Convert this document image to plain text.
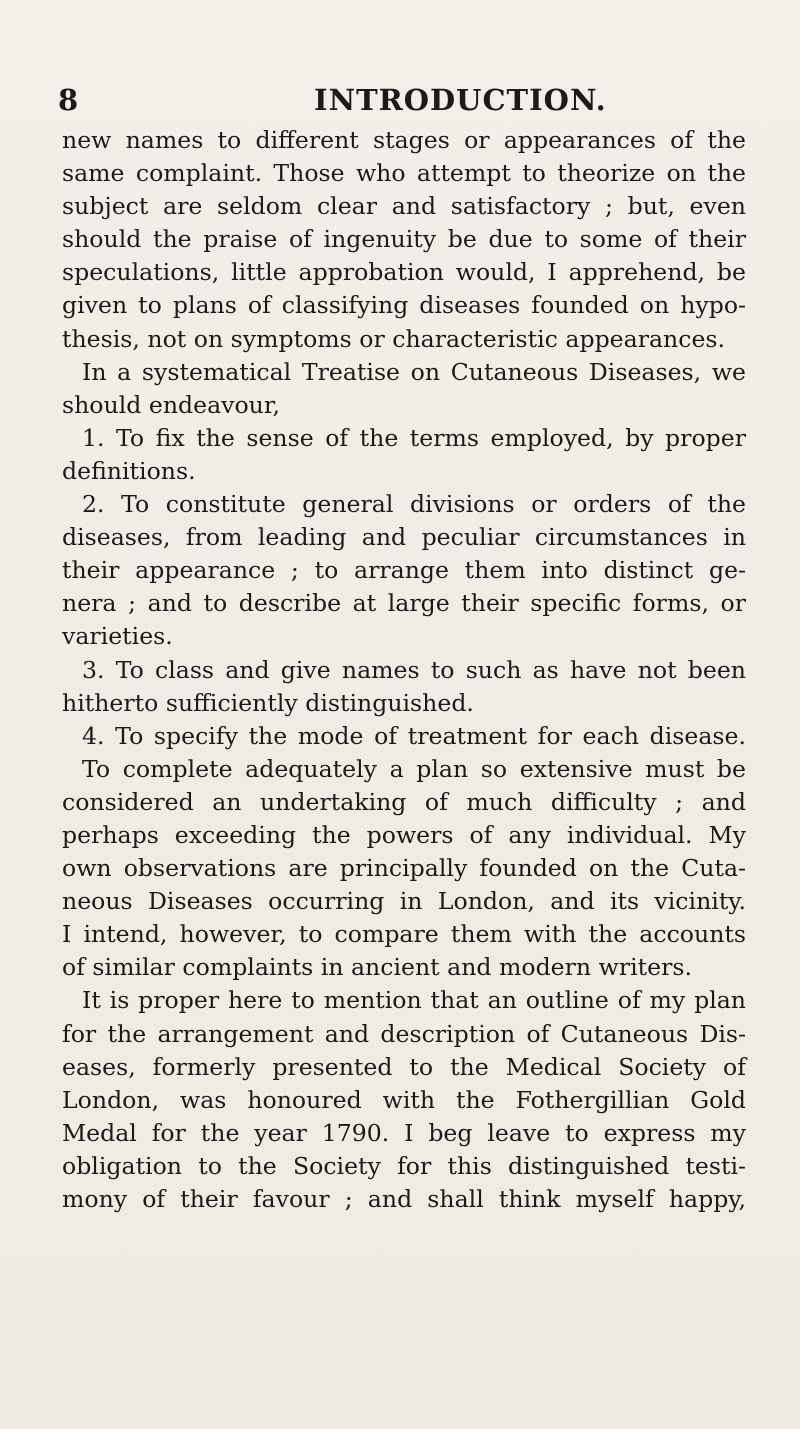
8	INTRODUCTION.
new names to different stages or appearances of the
same complaint. Those who attempt to theorize on the
subject are seldom clear and satisfactory ; but, even
should the praise of ingenuity be due to some of their
speculations, little approbation would, I apprehend, be
given to plans of classifying diseases founded on hypo-
thesis, not on symptoms or characteristic appearances.
In a systematical Treatise on Cutaneous Diseases, we
should endeavour,
1. To fix the sense of the terms employed, by proper
definitions.
2. To constitute general divisions or orders of the
diseases, from leading and peculiar circumstances in
their appearance ; to arrange them into distinct ge-
nera ; and to describe at large their specific forms, or
varieties.
3. To class and give names to such as have not been
hitherto sufficiently distinguished.
4. To specify the mode of treatment for each disease.
To complete adequately a plan so extensive must be
considered an undertaking of much difficulty ; and
perhaps exceeding the powers of any individual. My
own observations are principally founded on the Cuta-
neous Diseases occurring in London, and its vicinity.
I intend, however, to compare them with the accounts
of similar complaints in ancient and modern writers.
It is proper here to mention that an outline of my plan
for the arrangement and description of Cutaneous Dis-
eases, formerly presented to the Medical Society of
London, was honoured with the Fothergillian Gold
Medal for the year 1790. I beg leave to express my
obligation to the Society for this distinguished testi-
mony of their favour ; and shall think myself happy,
